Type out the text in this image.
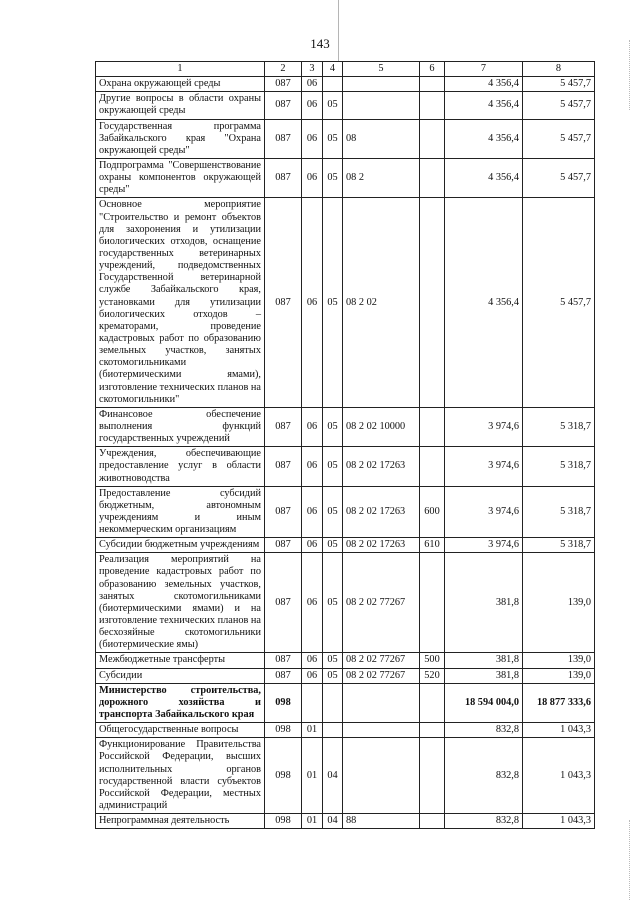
143
1	2	3	4	5	6	7	8
Охрана окружающей среды	087	06				4 356,4	5 457,7
Другие вопросы в области охраны окружающей среды	087	06	05			4 356,4	5 457,7
Государственная программа Забайкальского края "Охрана окружающей среды"	087	06	05	08		4 356,4	5 457,7
Подпрограмма "Совершенствование охраны компонентов окружающей среды"	087	06	05	08 2		4 356,4	5 457,7
Основное мероприятие "Строительство и ремонт объектов для захоронения и утилизации биологических отходов, оснащение государственных ветеринарных учреждений, подведомственных Государственной ветеринарной службе Забайкальского края, установками для утилизации биологических отходов – крематорами, проведение кадастровых работ по образованию земельных участков, занятых скотомогильниками (биотермическими ямами), изготовление технических планов на скотомогильники"	087	06	05	08 2 02		4 356,4	5 457,7
Финансовое обеспечение выполнения функций государственных учреждений	087	06	05	08 2 02 10000		3 974,6	5 318,7
Учреждения, обеспечивающие предоставление услуг в области животноводства	087	06	05	08 2 02 17263		3 974,6	5 318,7
Предоставление субсидий бюджетным, автономным учреждениям и иным некоммерческим организациям	087	06	05	08 2 02 17263	600	3 974,6	5 318,7
Субсидии бюджетным учреждениям	087	06	05	08 2 02 17263	610	3 974,6	5 318,7
Реализация мероприятий на проведение кадастровых работ по образованию земельных участков, занятых скотомогильниками (биотермическими ямами) и на изготовление технических планов на бесхозяйные скотомогильники (биотермические ямы)	087	06	05	08 2 02 77267		381,8	139,0
Межбюджетные трансферты	087	06	05	08 2 02 77267	500	381,8	139,0
Субсидии	087	06	05	08 2 02 77267	520	381,8	139,0
Министерство строительства, дорожного хозяйства и транспорта Забайкальского края	098					18 594 004,0	18 877 333,6
Общегосударственные вопросы	098	01				832,8	1 043,3
Функционирование Правительства Российской Федерации, высших исполнительных органов государственной власти субъектов Российской Федерации, местных администраций	098	01	04			832,8	1 043,3
Непрограммная деятельность	098	01	04	88		832,8	1 043,3
